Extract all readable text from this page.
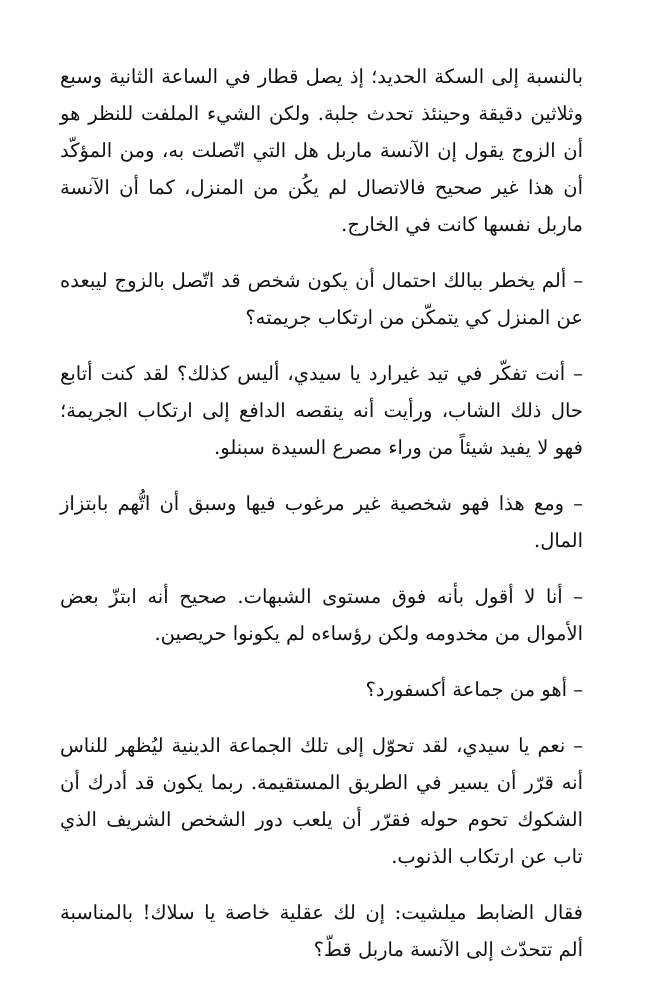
بالنسبة إلى السكة الحديد؛ إذ يصل قطار في الساعة الثانية وسبع وثلاثين دقيقة وحينئذ تحدث جلبة. ولكن الشيء الملفت للنظر هو أن الزوج يقول إن الآنسة ماربل هل التي اتّصلت به، ومن المؤكّد أن هذا غير صحيح فالاتصال لم يكُن من المنزل، كما أن الآنسة ماربل نفسها كانت في الخارج.

– ألم يخطر ببالك احتمال أن يكون شخص قد اتّصل بالزوج ليبعده عن المنزل كي يتمكّن من ارتكاب جريمته؟

– أنت تفكّر في تيد غيرارد يا سيدي، أليس كذلك؟ لقد كنت أتابع حال ذلك الشاب، ورأيت أنه ينقصه الدافع إلى ارتكاب الجريمة؛ فهو لا يفيد شيئاً من وراء مصرع السيدة سبنلو.

– ومع هذا فهو شخصية غير مرغوب فيها وسبق أن اتُّهم بابتزاز المال.

– أنا لا أقول بأنه فوق مستوى الشبهات. صحيح أنه ابتزّ بعض الأموال من مخدومه ولكن رؤساءه لم يكونوا حريصين.

– أهو من جماعة أكسفورد؟

– نعم يا سيدي، لقد تحوّل إلى تلك الجماعة الدينية ليُظهر للناس أنه قرّر أن يسير في الطريق المستقيمة. ربما يكون قد أدرك أن الشكوك تحوم حوله فقرّر أن يلعب دور الشخص الشريف الذي تاب عن ارتكاب الذنوب.

فقال الضابط ميلشيت: إن لك عقلية خاصة يا سلاك! بالمناسبة ألم تتحدّث إلى الآنسة ماربل قطّ؟
